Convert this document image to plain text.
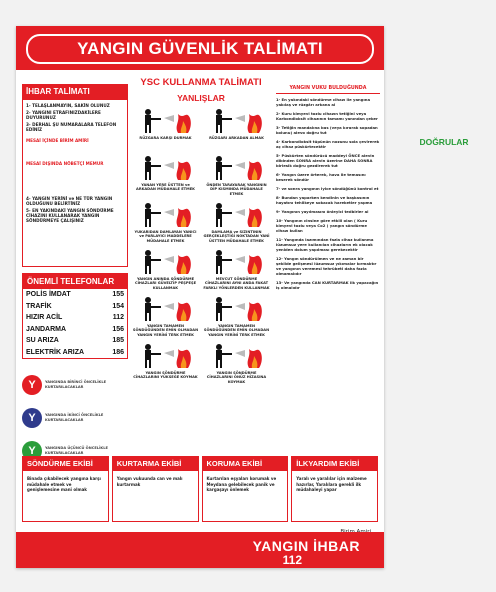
YANGIN GÜVENLİK TALİMATI
İHBAR TALİMATI
1- TELAŞLANMAYIN, SAKİN OLUNUZ
2- YANGINI ETRAFINIZDAKİLERE DUYURUNUZ
3- DERHAL ŞU NUMARALARA TELEFON EDİNİZ
MESAİ İÇİNDE BİRİM AMİRİ
MESAİ DIŞINDA NÖBETÇİ MEMUR
4- YANGIN YERİNİ ve NE TÜR YANGIN OLDUĞUNU BELİRTİNİZ
5- EN YAKINDAKİ YANGIN SÖNDÜRME CİHAZINI KULLANARAK YANGIN SÖNDÜRMEYE ÇALIŞINIZ
ÖNEMLİ TELEFONLAR
POLİS İMDAT	155
TRAFİK	154
HIZIR ACİL	112
JANDARMA	156
SU ARIZA	185
ELEKTRİK ARIZA	186
Y	YANGINDA BİRİNCİ ÖNCELİKLE KURTARILACAKLAR
Y	YANGINDA İKİNCİ ÖNCELİKLE KURTARILACAKLAR
Y	YANGINDA ÜÇÜNCÜ ÖNCELİKLE KURTARILACAKLAR
YSC KULLANMA TALİMATI
YANLIŞLAR
DOĞRULAR
RÜZGARA KARŞI DURMAK	RÜZGARI ARKADAN ALMAK
YANAN YERE ÜSTTEN ve ARKADAN MÜDAHALE ETMEK
ÖNDEN TARAYARAK YANGININ DİP KISMINDA MÜDAHALE ETMEK
YUKARIDAN DAMLAYAN YANICI ve PARLAYICI MADDELERE MÜDAHALE ETMEK
DAMLAMA ve SIZINTININ GERÇEKLEŞTİĞİ NOKTADAN YANİ ÜSTTEN MÜDAHALE ETMEK
YANGIN ANINDA SÖNDÜRME CİHAZLARI GÜVELTİP PEŞPEŞE KULLANMAK
MEVCUT SÖNDÜRME CİHAZLARINI AYNI ANDA FAKAT FARKLI YÖNLERDEN KULLANMAK
YANGIN TAMAMEN SÖNDÜĞÜNDEN EMİN OLMADAN YANGIN YERİNİ TERK ETMEK
YANGIN TAMAMEN SÖNDÜĞÜNDEN EMİN OLMADAN YANGIN YERİNİ TERK ETMEK
YANGIN SÖNDÜRME CİHAZLARINI YÜKSEĞE KOYMAK
YANGIN SÖNDÜRME CİHAZLARINI ÖNÜZ HİZASINA KOYMAK
YANGIN VUKU BULDUĞUNDA
1- En yakındaki söndürme cihazı ile yangına yakılaş ve rüzgârı arkana al
2- Kuru kimyevi tozlu cihazın tetiğini veya Karbondioksit cihazının tamamı yanından çeker
3- Tetiğin mandalına bas (veya kırarak sopadan kolunu) alevo doğru tut
4- Karbondioksit tüpünün nozunu sola çevirerek aç cihaz püskürtecektir
5- Püskürten söndürücü maddeyi ÖNCE alevin dibinden SONRA alevin üzerine DAHA SONRA birlesik doğru gezdirerek tut
6- Yangın üzere örterek, hava ile temasını keserek söndür
7- ve sonra yangının iyice söndüğünü kontrol et
8- Bundan yaparken kendinin ve başkasının hayatını tehlikeye sokacak hareketler yapma
9- Yangının yayılmasını önleyici tedbirler al
10- Yangının cinsine göre etkili olan ( Kuru kimyevi tozlu veya Co2 ) yangın söndürme cihazı kullan
11- Yangında lazımından fazla cihaz kullanma lüzumsuz yere kullanılan cihazların ek olacak yeniden dolum yapılması gerekecektir
12- Yangın söndürülmen ve ne zaman bir şekilde gelişmesi lüzumsuz yıkımalar kırmaktır ve yangının veremesi tehrübeti daha fazla olmamalıdır
13- Ve yangında CAN KURTARMAK ilk yapacağın iş olmalıdır
SÖNDÜRME EKİBİ
Binada çıkabilecek yangına karşı müdahale etmek ve genişlemesine mani olmak
KURTARMA EKİBİ
Yangın vukuunda can ve malı kurtarmak
KORUMA EKİBİ
Kurtarılan eşyaları korumak ve Meydana gelebilecek panik ve kargaşayı önlemek
İLKYARDIM EKİBİ
Yaralı ve yaralılar için malzeme hazırlar, Yaralılara gerekli ilk müdahaleyi yapar
YANGIN İHBAR
112
